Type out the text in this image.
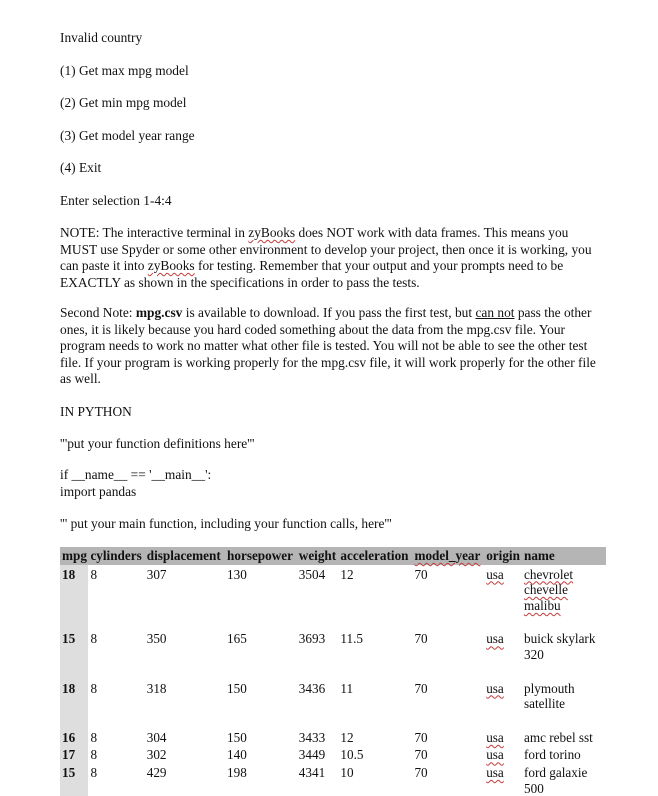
Invalid country
(1) Get max mpg model
(2) Get min mpg model
(3) Get model year range
(4) Exit
Enter selection 1-4:4
NOTE: The interactive terminal in zyBooks does NOT work with data frames. This means you MUST use Spyder or some other environment to develop your project, then once it is working, you can paste it into zyBooks for testing. Remember that your output and your prompts need to be EXACTLY as shown in the specifications in order to pass the tests.
Second Note: mpg.csv is available to download. If you pass the first test, but can not pass the other ones, it is likely because you hard coded something about the data from the mpg.csv file. Your program needs to work no matter what other file is tested. You will not be able to see the other test file. If your program is working properly for the mpg.csv file, it will work properly for the other file as well.
IN PYTHON
'''put your function definitions here'''
if __name__ == '__main__':
import pandas
''' put your main function, including your function calls, here'''
mpg	cylinders	displacement	horsepower	weight	acceleration	model_year	origin	name
18	8	307	130	3504	12	70	usa	chevrolet chevelle malibu
15	8	350	165	3693	11.5	70	usa	buick skylark 320
18	8	318	150	3436	11	70	usa	plymouth satellite
16	8	304	150	3433	12	70	usa	amc rebel sst
17	8	302	140	3449	10.5	70	usa	ford torino
15	8	429	198	4341	10	70	usa	ford galaxie 500
